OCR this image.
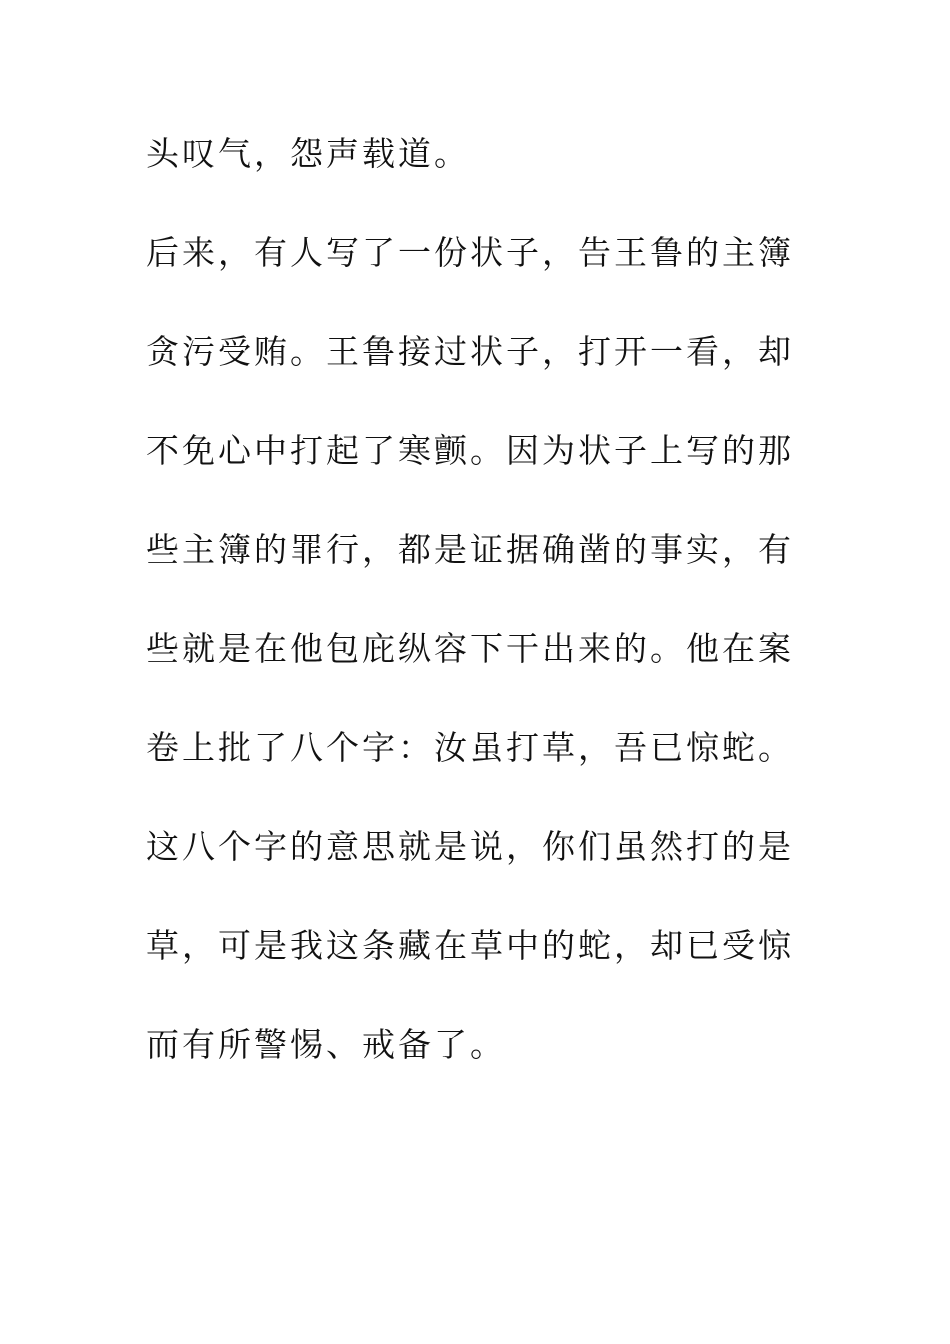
头叹气，怨声载道。
后来，有人写了一份状子，告王鲁的主簿
贪污受贿。王鲁接过状子，打开一看，却
不免心中打起了寒颤。因为状子上写的那
些主簿的罪行，都是证据确凿的事实，有
些就是在他包庇纵容下干出来的。他在案
卷上批了八个字：汝虽打草，吾已惊蛇。
这八个字的意思就是说，你们虽然打的是
草，可是我这条藏在草中的蛇，却已受惊
而有所警惕、戒备了。
